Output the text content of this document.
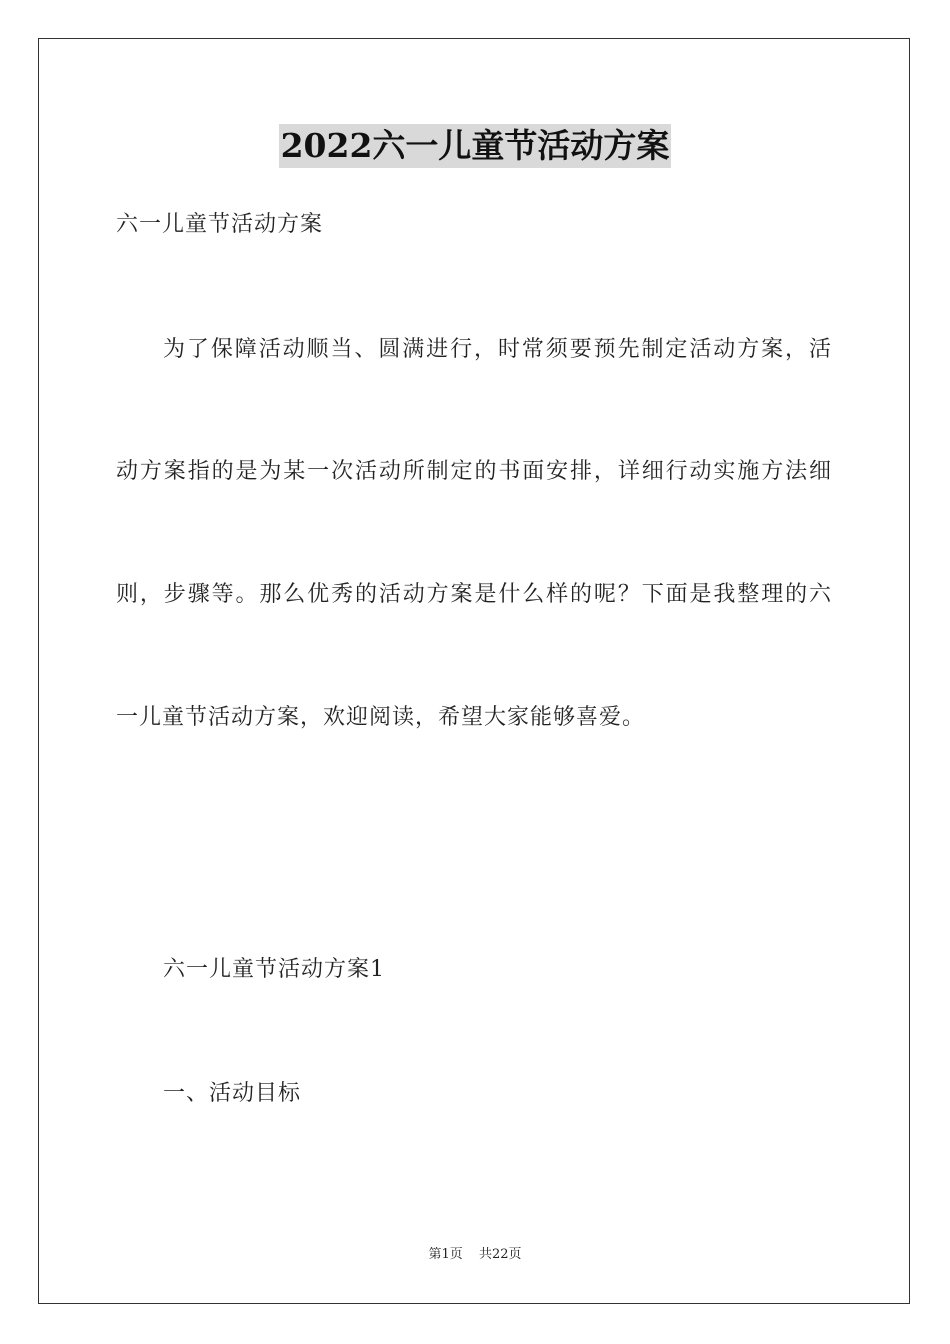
2022六一儿童节活动方案
六一儿童节活动方案
为了保障活动顺当、圆满进行，时常须要预先制定活动方案，活
动方案指的是为某一次活动所制定的书面安排，详细行动实施方法细
则，步骤等。那么优秀的活动方案是什么样的呢？下面是我整理的六
一儿童节活动方案，欢迎阅读，希望大家能够喜爱。
六一儿童节活动方案1
一、活动目标
第1页 共22页
